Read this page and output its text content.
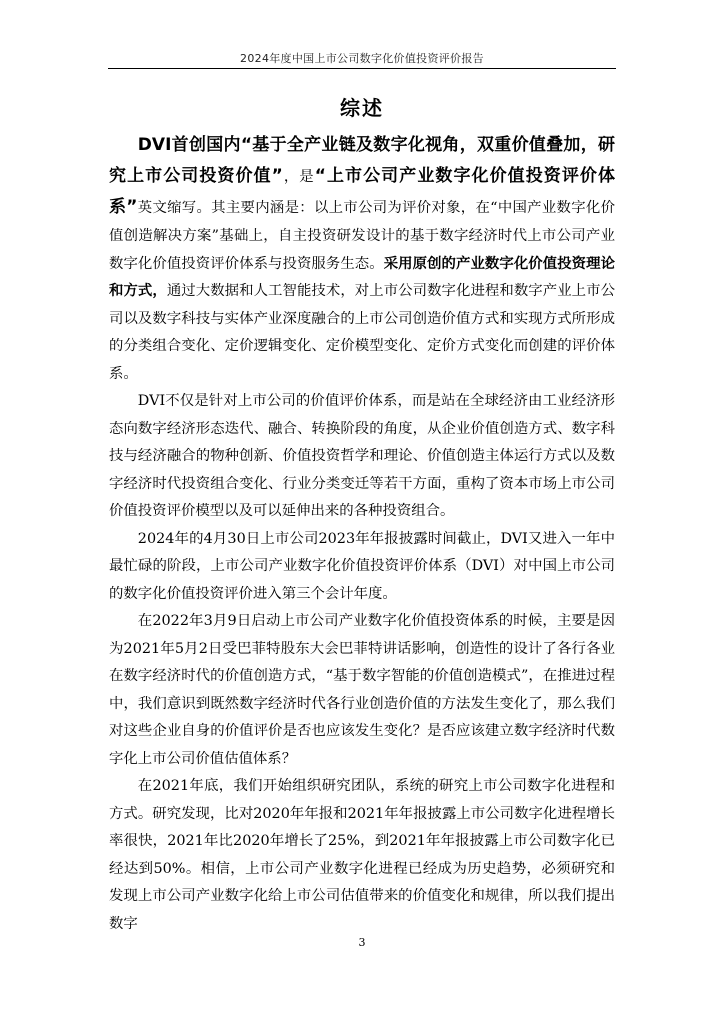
2024年度中国上市公司数字化价值投资评价报告
综述

DVI首创国内“基于全产业链及数字化视角，双重价值叠加，研究上市公司投资价值”，是“上市公司产业数字化价值投资评价体系”英文缩写。其主要内涵是：以上市公司为评价对象，在“中国产业数字化价值创造解决方案”基础上，自主投资研发设计的基于数字经济时代上市公司产业数字化价值投资评价体系与投资服务生态。采用原创的产业数字化价值投资理论和方式，通过大数据和人工智能技术，对上市公司数字化进程和数字产业上市公司以及数字科技与实体产业深度融合的上市公司创造价值方式和实现方式所形成的分类组合变化、定价逻辑变化、定价模型变化、定价方式变化而创建的评价体系。

DVI不仅是针对上市公司的价值评价体系，而是站在全球经济由工业经济形态向数字经济形态迭代、融合、转换阶段的角度，从企业价值创造方式、数字科技与经济融合的物种创新、价值投资哲学和理论、价值创造主体运行方式以及数字经济时代投资组合变化、行业分类变迁等若干方面，重构了资本市场上市公司价值投资评价模型以及可以延伸出来的各种投资组合。

2024年的4月30日上市公司2023年年报披露时间截止，DVI又进入一年中最忙碌的阶段，上市公司产业数字化价值投资评价体系（DVI）对中国上市公司的数字化价值投资评价进入第三个会计年度。

在2022年3月9日启动上市公司产业数字化价值投资体系的时候，主要是因为2021年5月2日受巴菲特股东大会巴菲特讲话影响，创造性的设计了各行各业在数字经济时代的价值创造方式，“基于数字智能的价值创造模式”，在推进过程中，我们意识到既然数字经济时代各行业创造价值的方法发生变化了，那么我们对这些企业自身的价值评价是否也应该发生变化？是否应该建立数字经济时代数字化上市公司价值估值体系？

在2021年底，我们开始组织研究团队，系统的研究上市公司数字化进程和方式。研究发现，比对2020年年报和2021年年报披露上市公司数字化进程增长率很快，2021年比2020年增长了25%，到2021年年报披露上市公司数字化已经达到50%。相信，上市公司产业数字化进程已经成为历史趋势，必须研究和发现上市公司产业数字化给上市公司估值带来的价值变化和规律，所以我们提出数字

3
